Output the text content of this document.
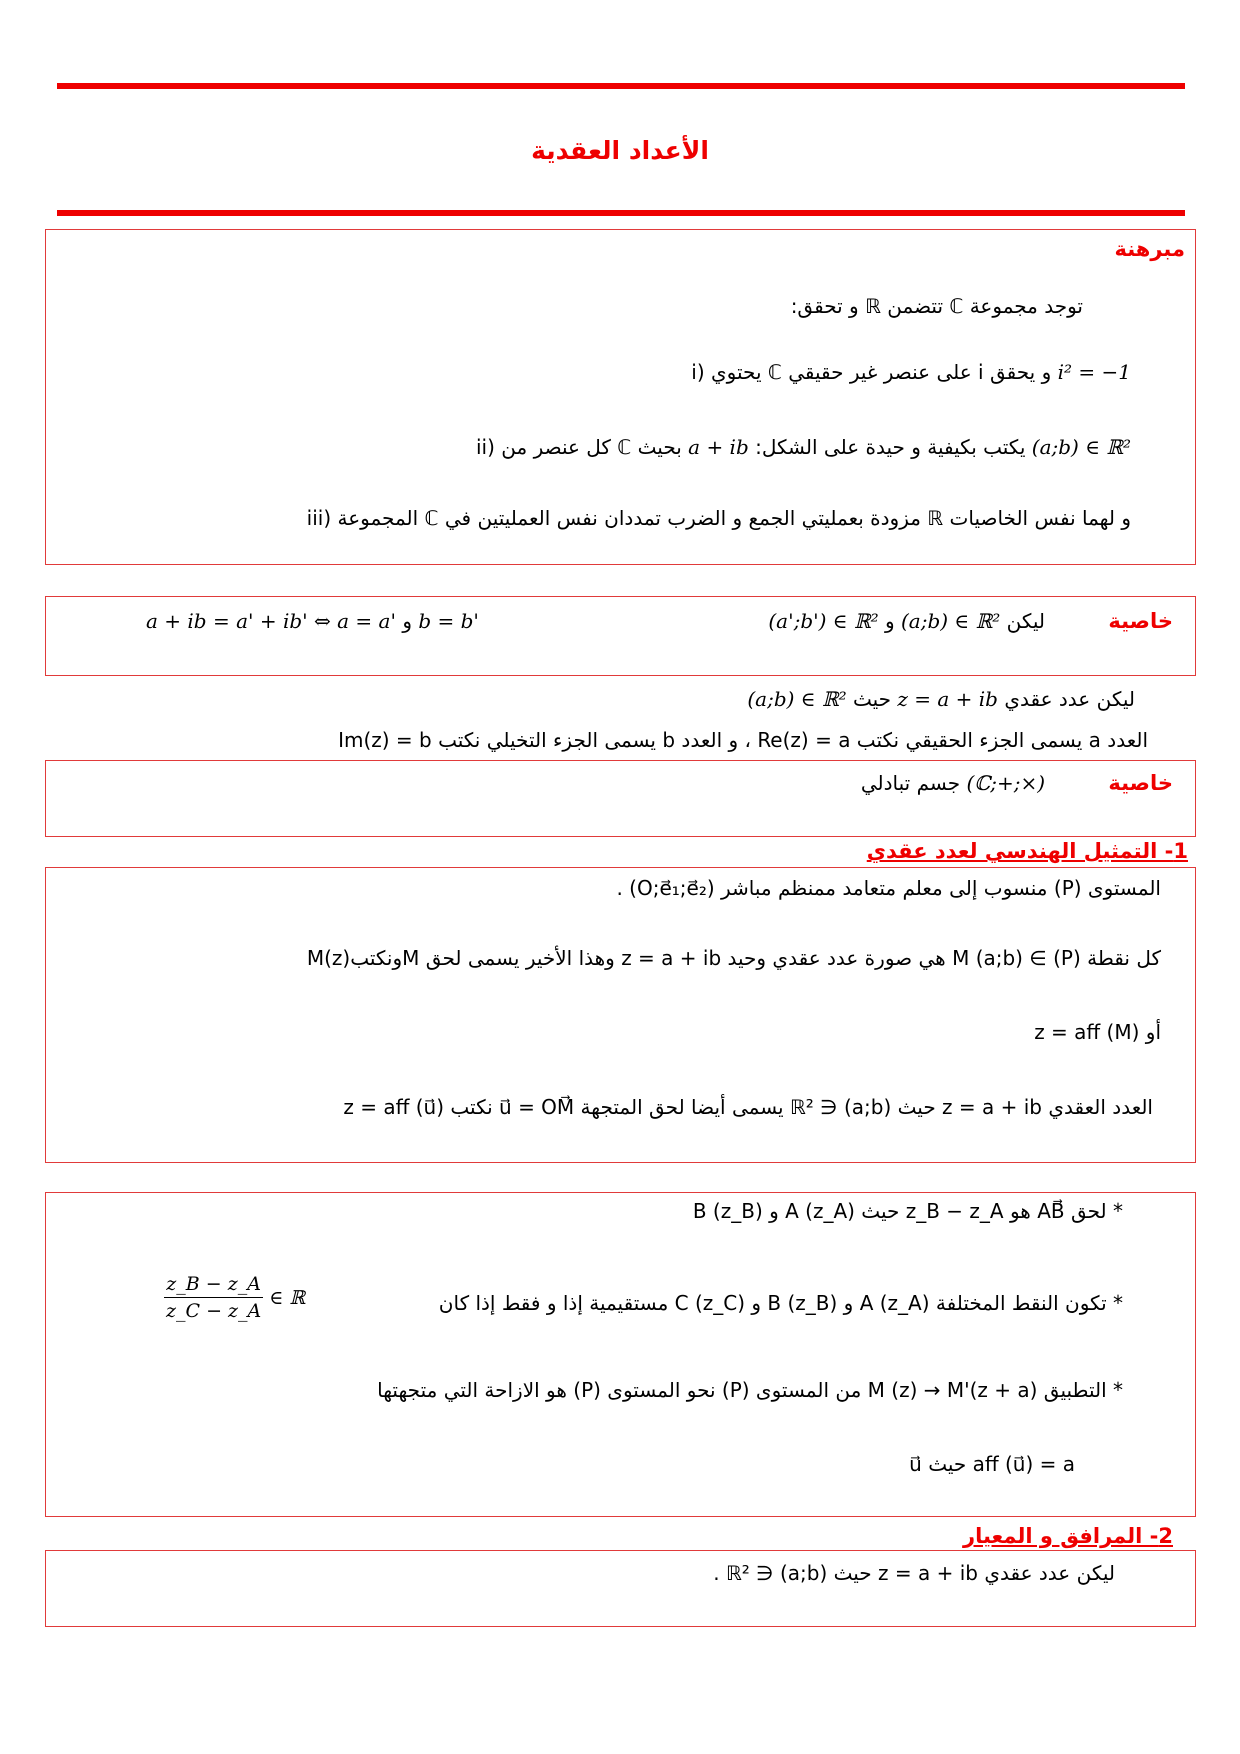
الأعداد العقدية
مبرهنة
توجد مجموعة ℂ تتضمن ℝ و تحقق:
i) يحتوي ℂ على عنصر غير حقيقي i و يحقق i² = −1
ii) كل عنصر من ℂ يكتب بكيفية و حيدة على الشكل: a + ib بحيث	(a;b) ∈ ℝ²
iii) المجموعة ℂ مزودة بعمليتي الجمع و الضرب تمددان نفس العمليتين في ℝ و لهما نفس الخاصيات
خاصية
ليكن (a;b) ∈ ℝ² و (a';b') ∈ ℝ²
b = b' و a + ib = a' + ib' ⇔ a = a'
ليكن عدد عقدي z = a + ib حيث (a;b) ∈ ℝ²
العدد a يسمى الجزء الحقيقي نكتب Re(z) = a ، و العدد b يسمى الجزء التخيلي نكتب Im(z) = b
خاصية
(ℂ;+;×) جسم تبادلي
1- التمثيل الهندسي لعدد عقدي
المستوى (P) منسوب إلى معلم متعامد ممنظم مباشر (O;e⃗₁;e⃗₂) .
كل نقطة M (a;b) ∈ (P) هي صورة عدد عقدي وحيد z = a + ib وهذا الأخير يسمى لحق Mونكتب(M(z
أو z = aff (M)
العدد العقدي z = a + ib حيث (a;b) ∈ ℝ² يسمى أيضا لحق المتجهة u⃗ = OM⃗ نكتب z = aff (u⃗)
* لحق AB⃗ هو z_B − z_A حيث A (z_A) و B (z_B)
* تكون النقط المختلفة A (z_A) و B (z_B) و C (z_C) مستقيمية إذا و فقط إذا كان
z_B − z_A
z_C − z_A
∈ ℝ
* التطبيق M (z) → M'(z + a) من المستوى (P) نحو المستوى (P) هو الازاحة التي متجهتها
u⃗ حيث aff (u⃗) = a
2- المرافق و المعيار
ليكن عدد عقدي z = a + ib حيث (a;b) ∈ ℝ² .
